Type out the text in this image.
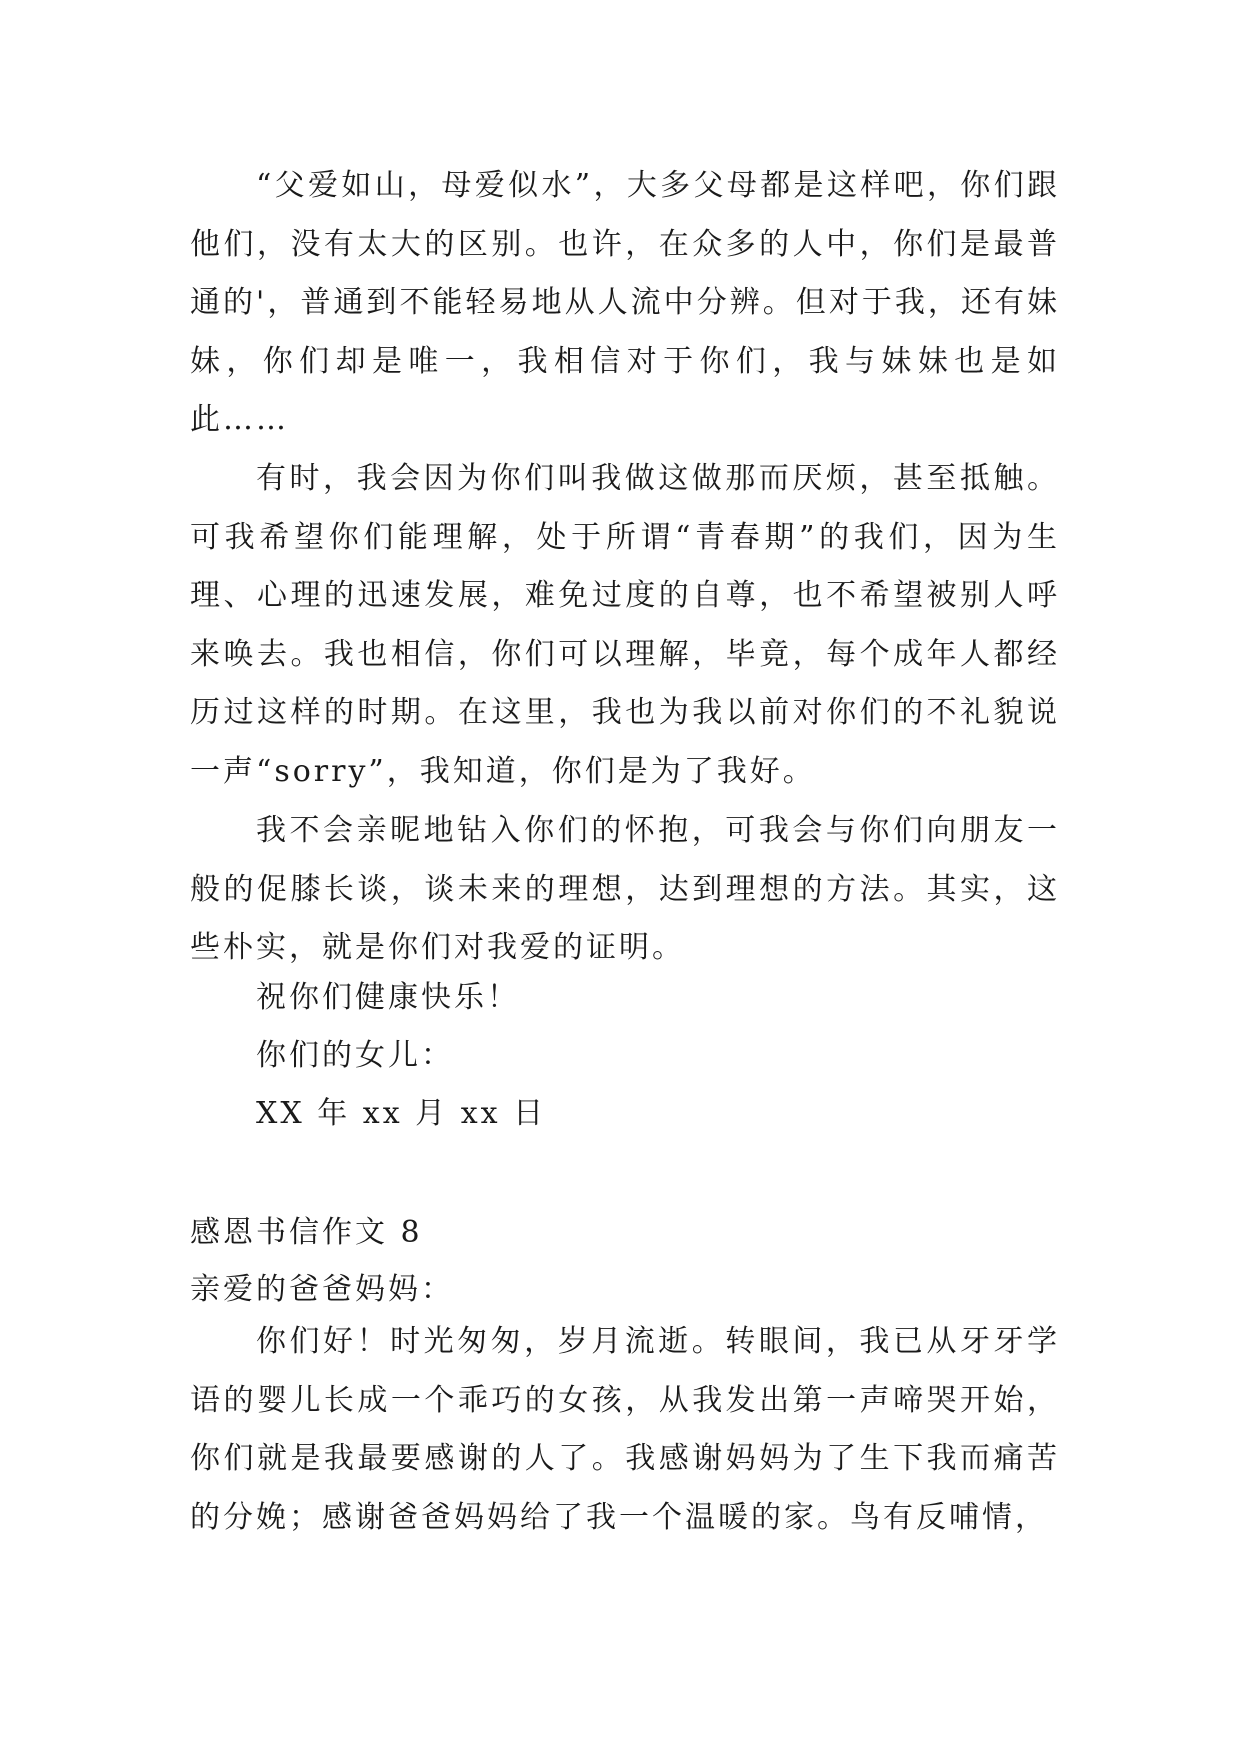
“父爱如山，母爱似水”，大多父母都是这样吧，你们跟他们，没有太大的区别。也许，在众多的人中，你们是最普通的'，普通到不能轻易地从人流中分辨。但对于我，还有妹妹，你们却是唯一，我相信对于你们，我与妹妹也是如此……

有时，我会因为你们叫我做这做那而厌烦，甚至抵触。可我希望你们能理解，处于所谓“青春期”的我们，因为生理、心理的迅速发展，难免过度的自尊，也不希望被别人呼来唤去。我也相信，你们可以理解，毕竟，每个成年人都经历过这样的时期。在这里，我也为我以前对你们的不礼貌说一声“sorry”，我知道，你们是为了我好。

我不会亲昵地钻入你们的怀抱，可我会与你们向朋友一般的促膝长谈，谈未来的理想，达到理想的方法。其实，这些朴实，就是你们对我爱的证明。

祝你们健康快乐！

你们的女儿：

XX 年 xx 月 xx 日

感恩书信作文 8

亲爱的爸爸妈妈：

你们好！时光匆匆，岁月流逝。转眼间，我已从牙牙学语的婴儿长成一个乖巧的女孩，从我发出第一声啼哭开始，你们就是我最要感谢的人了。我感谢妈妈为了生下我而痛苦的分娩；感谢爸爸妈妈给了我一个温暖的家。鸟有反哺情，
